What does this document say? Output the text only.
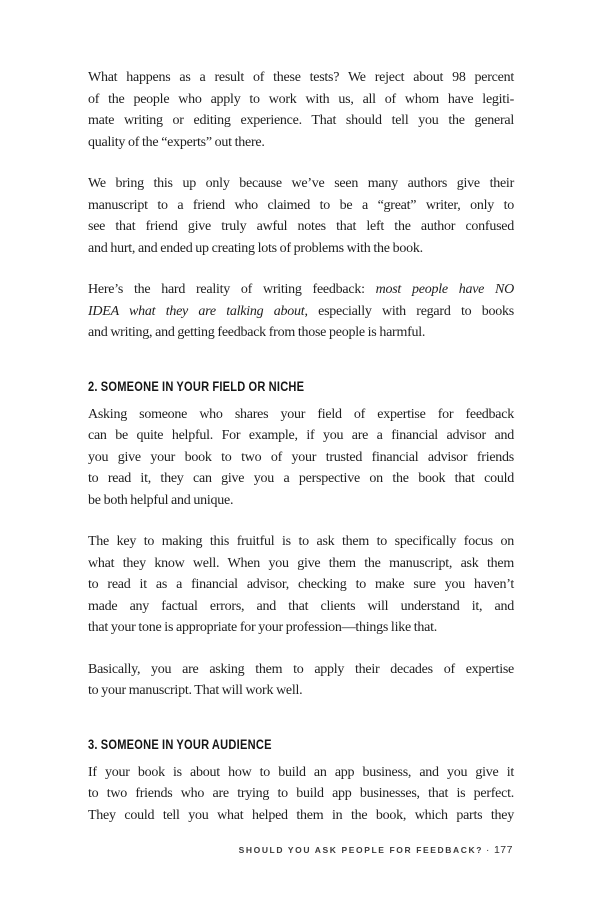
What happens as a result of these tests? We reject about 98 percent
of the people who apply to work with us, all of whom have legiti-
mate writing or editing experience. That should tell you the general
quality of the “experts” out there.

We bring this up only because we’ve seen many authors give their
manuscript to a friend who claimed to be a “great” writer, only to
see that friend give truly awful notes that left the author confused
and hurt, and ended up creating lots of problems with the book.

Here’s the hard reality of writing feedback: most people have NO
IDEA what they are talking about, especially with regard to books
and writing, and getting feedback from those people is harmful.

2. SOMEONE IN YOUR FIELD OR NICHE

Asking someone who shares your field of expertise for feedback
can be quite helpful. For example, if you are a financial advisor and
you give your book to two of your trusted financial advisor friends
to read it, they can give you a perspective on the book that could
be both helpful and unique.

The key to making this fruitful is to ask them to specifically focus on
what they know well. When you give them the manuscript, ask them
to read it as a financial advisor, checking to make sure you haven’t
made any factual errors, and that clients will understand it, and
that your tone is appropriate for your profession—things like that.

Basically, you are asking them to apply their decades of expertise
to your manuscript. That will work well.

3. SOMEONE IN YOUR AUDIENCE

If your book is about how to build an app business, and you give it
to two friends who are trying to build app businesses, that is perfect.
They could tell you what helped them in the book, which parts they

SHOULD YOU ASK PEOPLE FOR FEEDBACK? · 177
